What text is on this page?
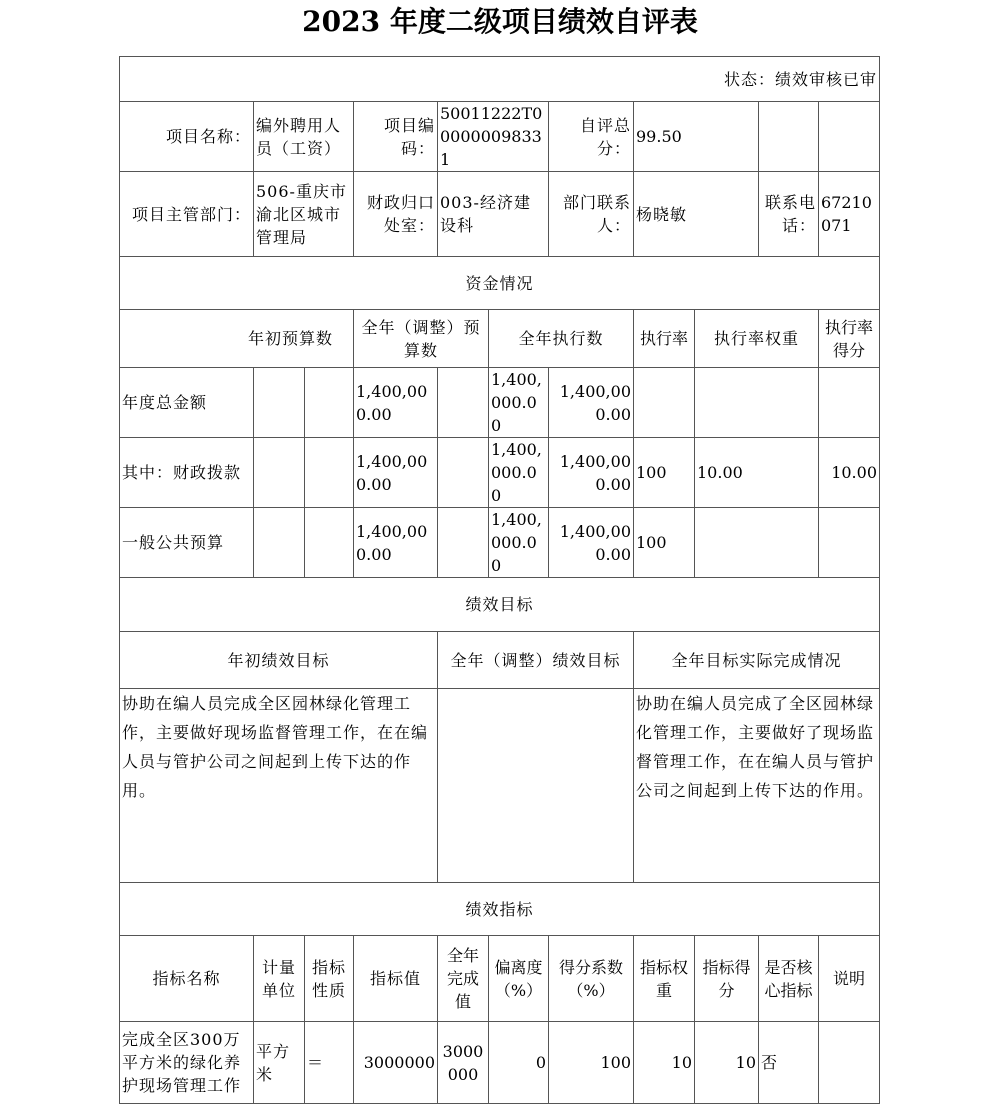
2023 年度二级项目绩效自评表
状态：绩效审核已审										
项目名称：	编外聘用人员（工资）		项目编码：	50011222T000000098331		自评总分：	99.50			
项目主管部门：	506-重庆市渝北区城市管理局		财政归口处室：	003-经济建设科		部门联系人：	杨晓敏		联系电话：	67210071
资金情况										
年初预算数			全年（调整）预算数		全年执行数		执行率	执行率权重		执行率得分
年度总金额			1,400,000.00		1,400,000.00	1,400,000.00				
其中：财政拨款			1,400,000.00		1,400,000.00	1,400,000.00	100	10.00		10.00
一般公共预算			1,400,000.00		1,400,000.00	1,400,000.00	100			
绩效目标										
年初绩效目标				全年（调整）绩效目标			全年目标实际完成情况			
协助在编人员完成全区园林绿化管理工作，主要做好现场监督管理工作，在在编人员与管护公司之间起到上传下达的作用。							协助在编人员完成了全区园林绿化管理工作，主要做好了现场监督管理工作，在在编人员与管护公司之间起到上传下达的作用。			
绩效指标										
指标名称	计量单位	指标性质	指标值	全年完成值	偏离度（%）	得分系数（%）	指标权重	指标得分	是否核心指标	说明
完成全区300万平方米的绿化养护现场管理工作	平方米	＝	3000000	3000000	0	100	10	10	否	
